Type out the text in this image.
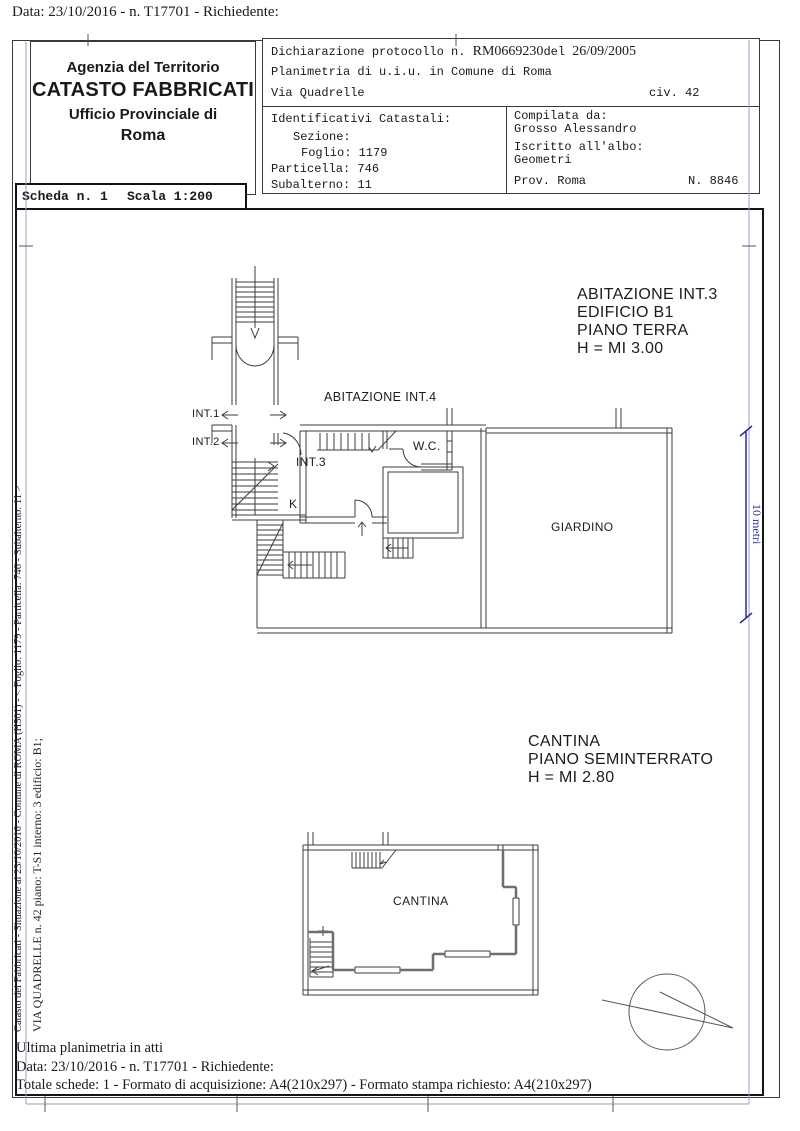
Data: 23/10/2016 - n. T17701 - Richiedente:
Agenzia del Territorio
CATASTO FABBRICATI
Ufficio Provinciale di
Roma
Dichiarazione protocollo n. RM0669230del 26/09/2005
Planimetria di u.i.u. in Comune di Roma
Via Quadrelle	civ. 42
Identificativi Catastali:
Sezione:
Foglio: 1179
Particella: 746
Subalterno: 11
Compilata da:
Grosso Alessandro
Iscritto all'albo:
Geometri
Prov. Roma	N. 8846
Scheda n. 1 Scala 1:200
INT.1
INT.2
ABITAZIONE INT.4
INT.3
W.C.
K
GIARDINO
ABITAZIONE INT.3
EDIFICIO B1
PIANO TERRA
H = MI 3.00
CANTINA
PIANO SEMINTERRATO
H = MI 2.80
CANTINA
10 metri
Catasto dei Fabbricati - Situazione al 23/10/2016 - Comune di ROMA (H501) - < Foglio: 1179 - Particella: 746 - Subalterno: 11 > VIA QUADRELLE n. 42 piano: T-S1 interno: 3 edificio: B1;
Ultima planimetria in atti
Data: 23/10/2016 - n. T17701 - Richiedente:
Totale schede: 1 - Formato di acquisizione: A4(210x297) - Formato stampa richiesto: A4(210x297)
